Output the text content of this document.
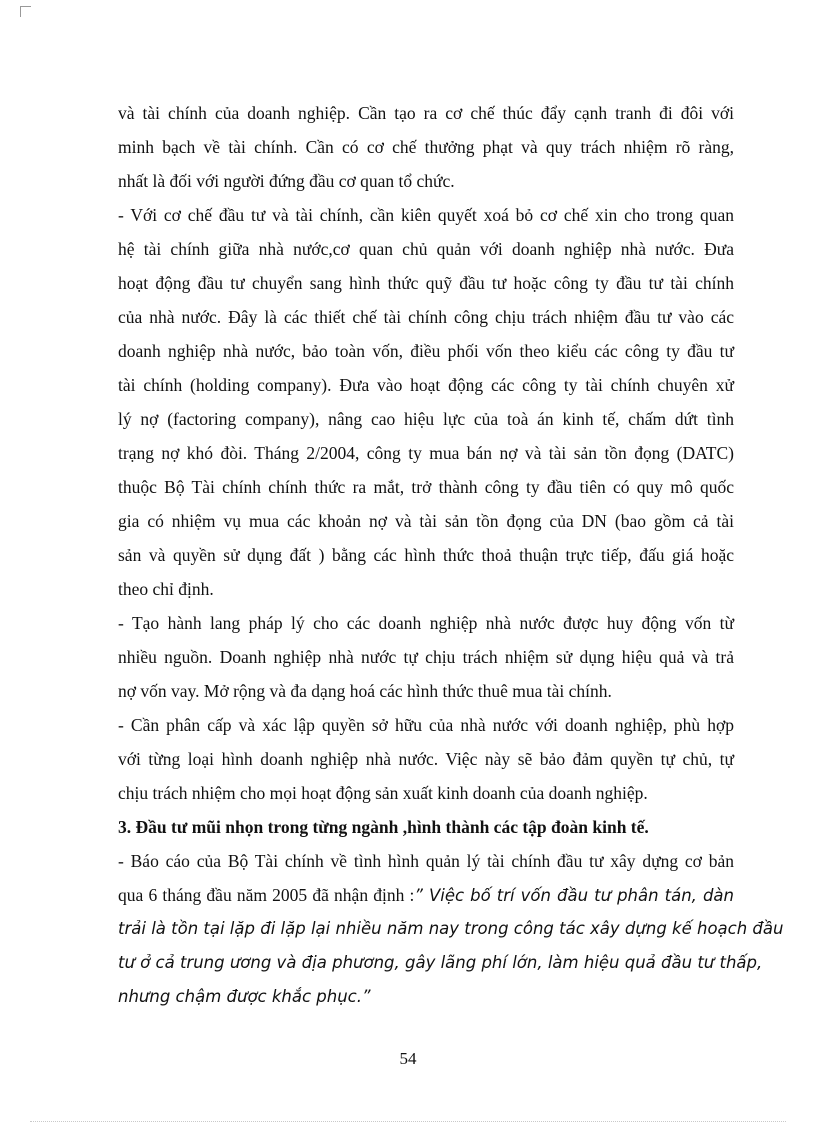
và tài chính của doanh nghiệp. Cần tạo ra cơ chế thúc đẩy cạnh tranh đi đôi với
minh bạch về tài chính. Cần có cơ chế thưởng phạt và quy trách nhiệm rõ ràng,
nhất là đối với người đứng đầu cơ quan tổ chức.
- Với cơ chế đầu tư và tài chính, cần kiên quyết xoá bỏ cơ chế xin cho trong quan
hệ tài chính giữa nhà nước,cơ quan chủ quản với doanh nghiệp nhà nước. Đưa
hoạt động đầu tư chuyển sang hình thức quỹ đầu tư hoặc công ty đầu tư tài chính
của nhà nước. Đây là các thiết chế tài chính công chịu trách nhiệm đầu tư vào các
doanh nghiệp nhà nước, bảo toàn vốn, điều phối vốn theo kiểu các công ty đầu tư
tài chính (holding company). Đưa vào hoạt động các công ty tài chính chuyên xử
lý nợ (factoring company), nâng cao hiệu lực của toà án kinh tế, chấm dứt tình
trạng nợ khó đòi. Tháng 2/2004, công ty mua bán nợ và tài sản tồn đọng (DATC)
thuộc Bộ Tài chính chính thức ra mắt, trở thành công ty đầu tiên có quy mô quốc
gia có nhiệm vụ mua các khoản nợ và tài sản tồn đọng của DN (bao gồm cả tài
sản và quyền sử dụng đất ) bằng các hình thức thoả thuận trực tiếp, đấu giá hoặc
theo chỉ định.
- Tạo hành lang pháp lý cho các doanh nghiệp nhà nước được huy động vốn từ
nhiều nguồn. Doanh nghiệp nhà nước tự chịu trách nhiệm sử dụng hiệu quả và trả
nợ vốn vay. Mở rộng và đa dạng hoá các hình thức thuê mua tài chính.
- Cần phân cấp và xác lập quyền sở hữu của nhà nước với doanh nghiệp, phù hợp
với từng loại hình doanh nghiệp nhà nước. Việc này sẽ bảo đảm quyền tự chủ, tự
chịu trách nhiệm cho mọi hoạt động sản xuất kinh doanh của doanh nghiệp.
3. Đầu tư mũi nhọn trong từng ngành ,hình thành các tập đoàn kinh tế.
- Báo cáo của Bộ Tài chính về tình hình quản lý tài chính đầu tư xây dựng cơ bản
qua 6 tháng đầu năm 2005 đã nhận định :” Việc bố trí vốn đầu tư phân tán, dàn
trải là tồn tại lặp đi lặp lại nhiều năm nay trong công tác xây dựng kế hoạch đầu
tư ở cả trung ương và địa phương, gây lãng phí lớn, làm hiệu quả đầu tư thấp,
nhưng chậm được khắc phục.”
54
